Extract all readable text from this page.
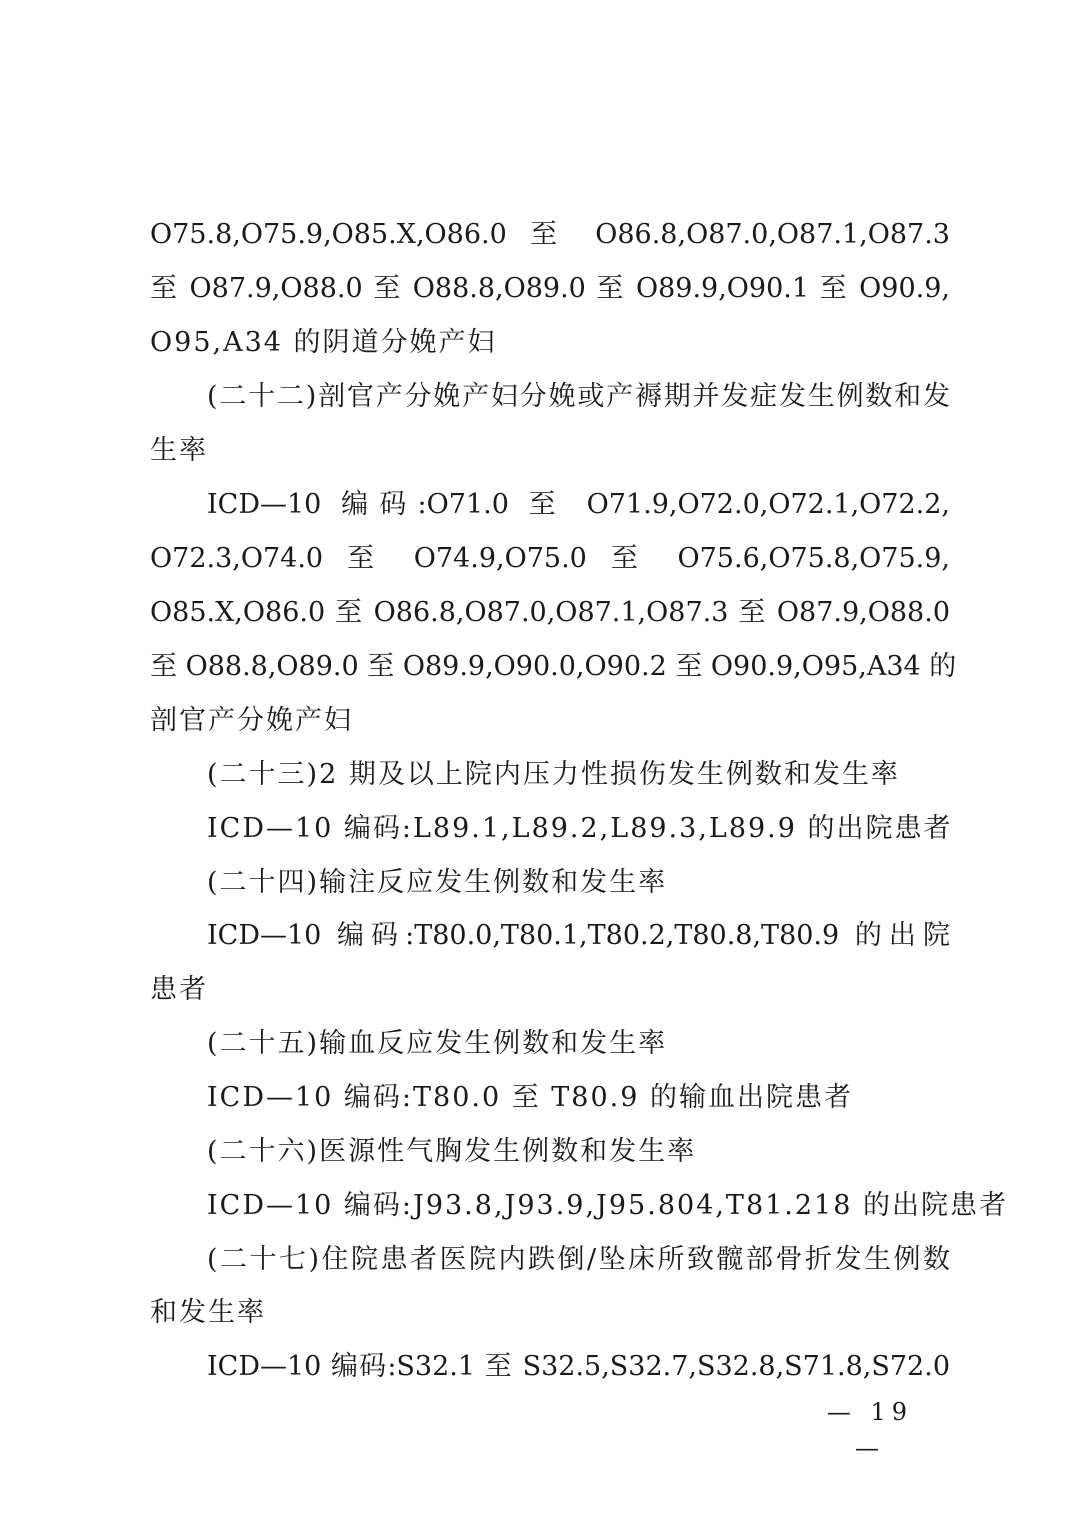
O75.8,O75.9,O85.X,O86.0 至 O86.8,O87.0,O87.1,O87.3
至 O87.9,O88.0 至 O88.8,O89.0 至 O89.9,O90.1 至 O90.9,
O95,A34 的阴道分娩产妇
(二十二)剖官产分娩产妇分娩或产褥期并发症发生例数和发
生率
ICD—10 编码:O71.0 至 O71.9,O72.0,O72.1,O72.2,
O72.3,O74.0 至 O74.9,O75.0 至 O75.6,O75.8,O75.9,
O85.X,O86.0 至 O86.8,O87.0,O87.1,O87.3 至 O87.9,O88.0
至 O88.8,O89.0 至 O89.9,O90.0,O90.2 至 O90.9,O95,A34 的
剖官产分娩产妇
(二十三)2 期及以上院内压力性损伤发生例数和发生率
ICD—10 编码:L89.1,L89.2,L89.3,L89.9 的出院患者
(二十四)输注反应发生例数和发生率
ICD—10 编码:T80.0,T80.1,T80.2,T80.8,T80.9 的出院
患者
(二十五)输血反应发生例数和发生率
ICD—10 编码:T80.0 至 T80.9 的输血出院患者
(二十六)医源性气胸发生例数和发生率
ICD—10 编码:J93.8,J93.9,J95.804,T81.218 的出院患者
(二十七)住院患者医院内跌倒/坠床所致髋部骨折发生例数
和发生率
ICD—10 编码:S32.1 至 S32.5,S32.7,S32.8,S71.8,S72.0
— 19 —
